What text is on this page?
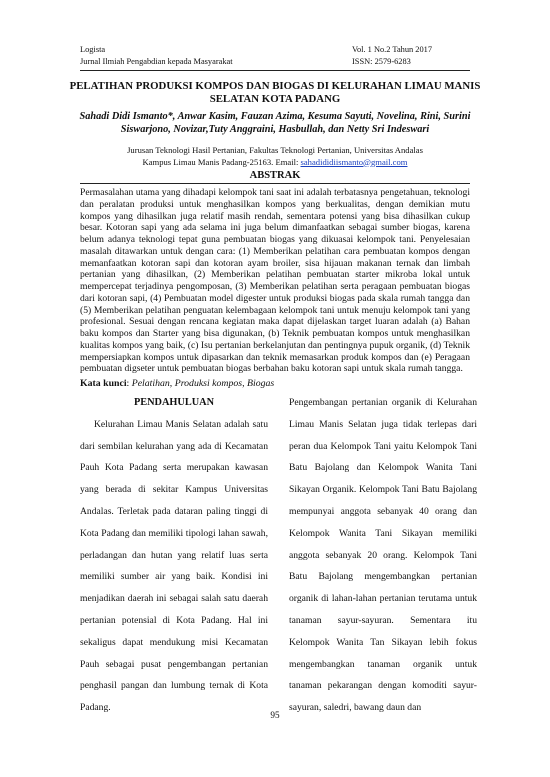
Logista
Jurnal Ilmiah Pengabdian kepada Masyarakat
Vol. 1 No.2 Tahun 2017
ISSN: 2579-6283
PELATIHAN PRODUKSI KOMPOS DAN BIOGAS DI KELURAHAN LIMAU MANIS SELATAN KOTA PADANG
Sahadi Didi Ismanto*, Anwar Kasim, Fauzan Azima, Kesuma Sayuti, Novelina, Rini, Surini Siswarjono, Novizar,Tuty Anggraini, Hasbullah, dan Netty Sri Indeswari
Jurusan Teknologi Hasil Pertanian, Fakultas Teknologi Pertanian, Universitas Andalas
Kampus Limau Manis Padang-25163. Email: sahadididiismanto@gmail.com
ABSTRAK
Permasalahan utama yang dihadapi kelompok tani saat ini adalah terbatasnya pengetahuan, teknologi dan peralatan produksi untuk menghasilkan kompos yang berkualitas, dengan demikian mutu kompos yang dihasilkan juga relatif masih rendah, sementara potensi yang bisa dihasilkan cukup besar. Kotoran sapi yang ada selama ini juga belum dimanfaatkan sebagai sumber biogas, karena belum adanya teknologi tepat guna pembuatan biogas yang dikuasai kelompok tani. Penyelesaian masalah ditawarkan untuk dengan cara: (1) Memberikan pelatihan cara pembuatan kompos dengan memanfaatkan kotoran sapi dan kotoran ayam broiler, sisa hijauan makanan ternak dan limbah pertanian yang dihasilkan, (2) Memberikan pelatihan pembuatan starter mikroba lokal untuk mempercepat terjadinya pengomposan, (3) Memberikan pelatihan serta peragaan pembuatan biogas dari kotoran sapi, (4) Pembuatan model digester untuk produksi biogas pada skala rumah tangga dan (5) Memberikan pelatihan penguatan kelembagaan kelompok tani untuk menuju kelompok tani yang profesional. Sesuai dengan rencana kegiatan maka dapat dijelaskan target luaran adalah (a) Bahan baku kompos dan Starter yang bisa digunakan, (b) Teknik pembuatan kompos untuk menghasilkan kualitas kompos yang baik, (c) Isu pertanian berkelanjutan dan pentingnya pupuk organik, (d) Teknik mempersiapkan kompos untuk dipasarkan dan teknik memasarkan produk kompos dan (e) Peragaan pembuatan digseter untuk pembuatan biogas berbahan baku kotoran sapi untuk skala rumah tangga.
Kata kunci: Pelatihan, Produksi kompos, Biogas
PENDAHULUAN

Kelurahan Limau Manis Selatan adalah satu dari sembilan kelurahan yang ada di Kecamatan Pauh Kota Padang serta merupakan kawasan yang berada di sekitar Kampus Universitas Andalas. Terletak pada dataran paling tinggi di Kota Padang dan memiliki tipologi lahan sawah, perladangan dan hutan yang relatif luas serta memiliki sumber air yang baik. Kondisi ini menjadikan daerah ini sebagai salah satu daerah pertanian potensial di Kota Padang. Hal ini sekaligus dapat mendukung misi Kecamatan Pauh sebagai pusat pengembangan pertanian penghasil pangan dan lumbung ternak di Kota Padang.

Pengembangan pertanian organik di Kelurahan Limau Manis Selatan juga tidak terlepas dari peran dua Kelompok Tani yaitu Kelompok Tani Batu Bajolang dan Kelompok Wanita Tani Sikayan Organik. Kelompok Tani Batu Bajolang mempunyai anggota sebanyak 40 orang dan Kelompok Wanita Tani Sikayan memiliki anggota sebanyak 20 orang. Kelompok Tani Batu Bajolang mengembangkan pertanian organik di lahan-lahan pertanian terutama untuk tanaman sayur-sayuran. Sementara itu Kelompok Wanita Tan Sikayan lebih fokus mengembangkan tanaman organik untuk tanaman pekarangan dengan komoditi sayur-sayuran, saledri, bawang daun dan

95
